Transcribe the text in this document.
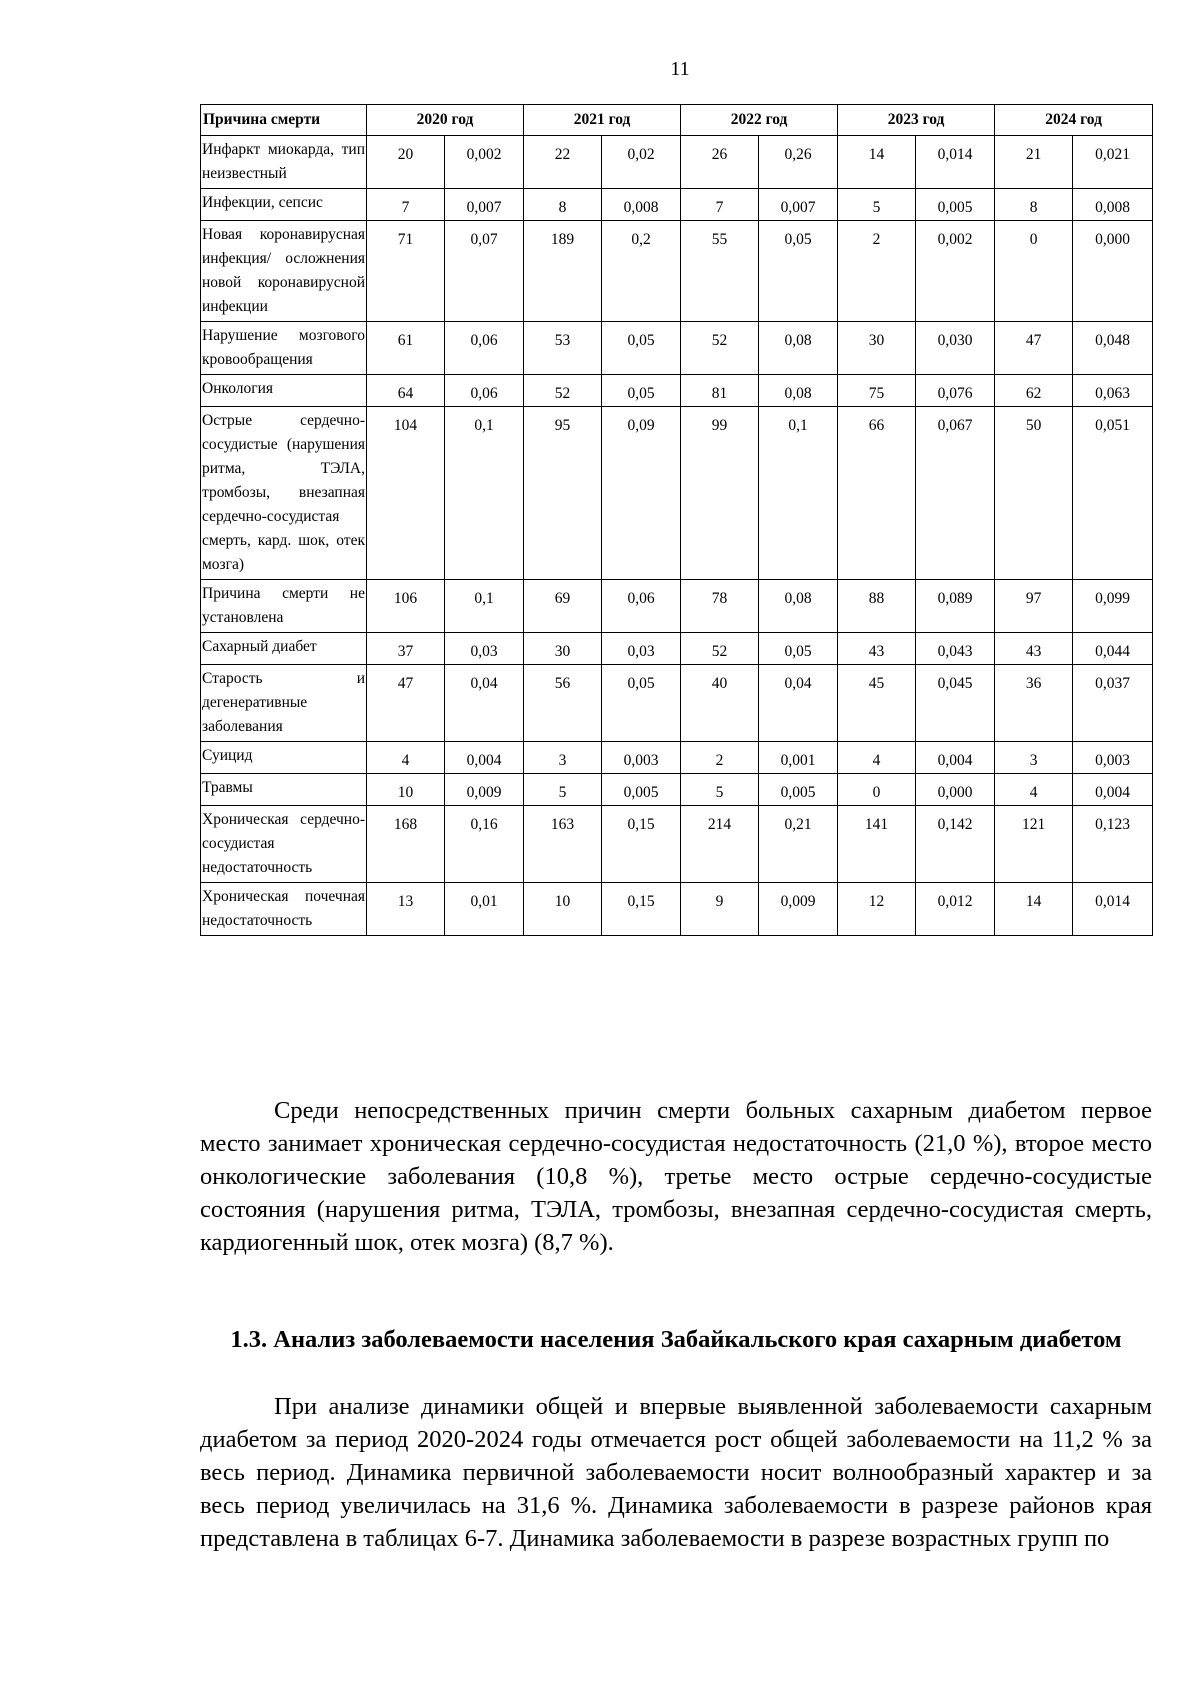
11
Причина смерти	2020 год		2021 год		2022 год		2023 год		2024 год	
Инфаркт миокарда, тип неизвестный	20	0,002	22	0,02	26	0,26	14	0,014	21	0,021
Инфекции, сепсис	7	0,007	8	0,008	7	0,007	5	0,005	8	0,008
Новая коронавирусная инфекция/ осложнения новой коронавирусной инфекции	71	0,07	189	0,2	55	0,05	2	0,002	0	0,000
Нарушение мозгового кровообращения	61	0,06	53	0,05	52	0,08	30	0,030	47	0,048
Онкология	64	0,06	52	0,05	81	0,08	75	0,076	62	0,063
Острые сердечно-сосудистые (нарушения ритма, ТЭЛА, тромбозы, внезапная сердечно-сосудистая смерть, кард. шок, отек мозга)	104	0,1	95	0,09	99	0,1	66	0,067	50	0,051
Причина смерти не установлена	106	0,1	69	0,06	78	0,08	88	0,089	97	0,099
Сахарный диабет	37	0,03	30	0,03	52	0,05	43	0,043	43	0,044
Старость и дегенеративные заболевания	47	0,04	56	0,05	40	0,04	45	0,045	36	0,037
Суицид	4	0,004	3	0,003	2	0,001	4	0,004	3	0,003
Травмы	10	0,009	5	0,005	5	0,005	0	0,000	4	0,004
Хроническая сердечно-сосудистая недостаточность	168	0,16	163	0,15	214	0,21	141	0,142	121	0,123
Хроническая почечная недостаточность	13	0,01	10	0,15	9	0,009	12	0,012	14	0,014

Среди непосредственных причин смерти больных сахарным диабетом первое место занимает хроническая сердечно-сосудистая недостаточность (21,0 %), второе место онкологические заболевания (10,8 %), третье место острые сердечно-сосудистые состояния (нарушения ритма, ТЭЛА, тромбозы, внезапная сердечно-сосудистая смерть, кардиогенный шок, отек мозга) (8,7 %).

1.3. Анализ заболеваемости населения Забайкальского края сахарным диабетом

При анализе динамики общей и впервые выявленной заболеваемости сахарным диабетом за период 2020-2024 годы отмечается рост общей заболеваемости на 11,2 % за весь период. Динамика первичной заболеваемости носит волнообразный характер и за весь период увеличилась на 31,6 %. Динамика заболеваемости в разрезе районов края представлена в таблицах 6-7. Динамика заболеваемости в разрезе возрастных групп по
